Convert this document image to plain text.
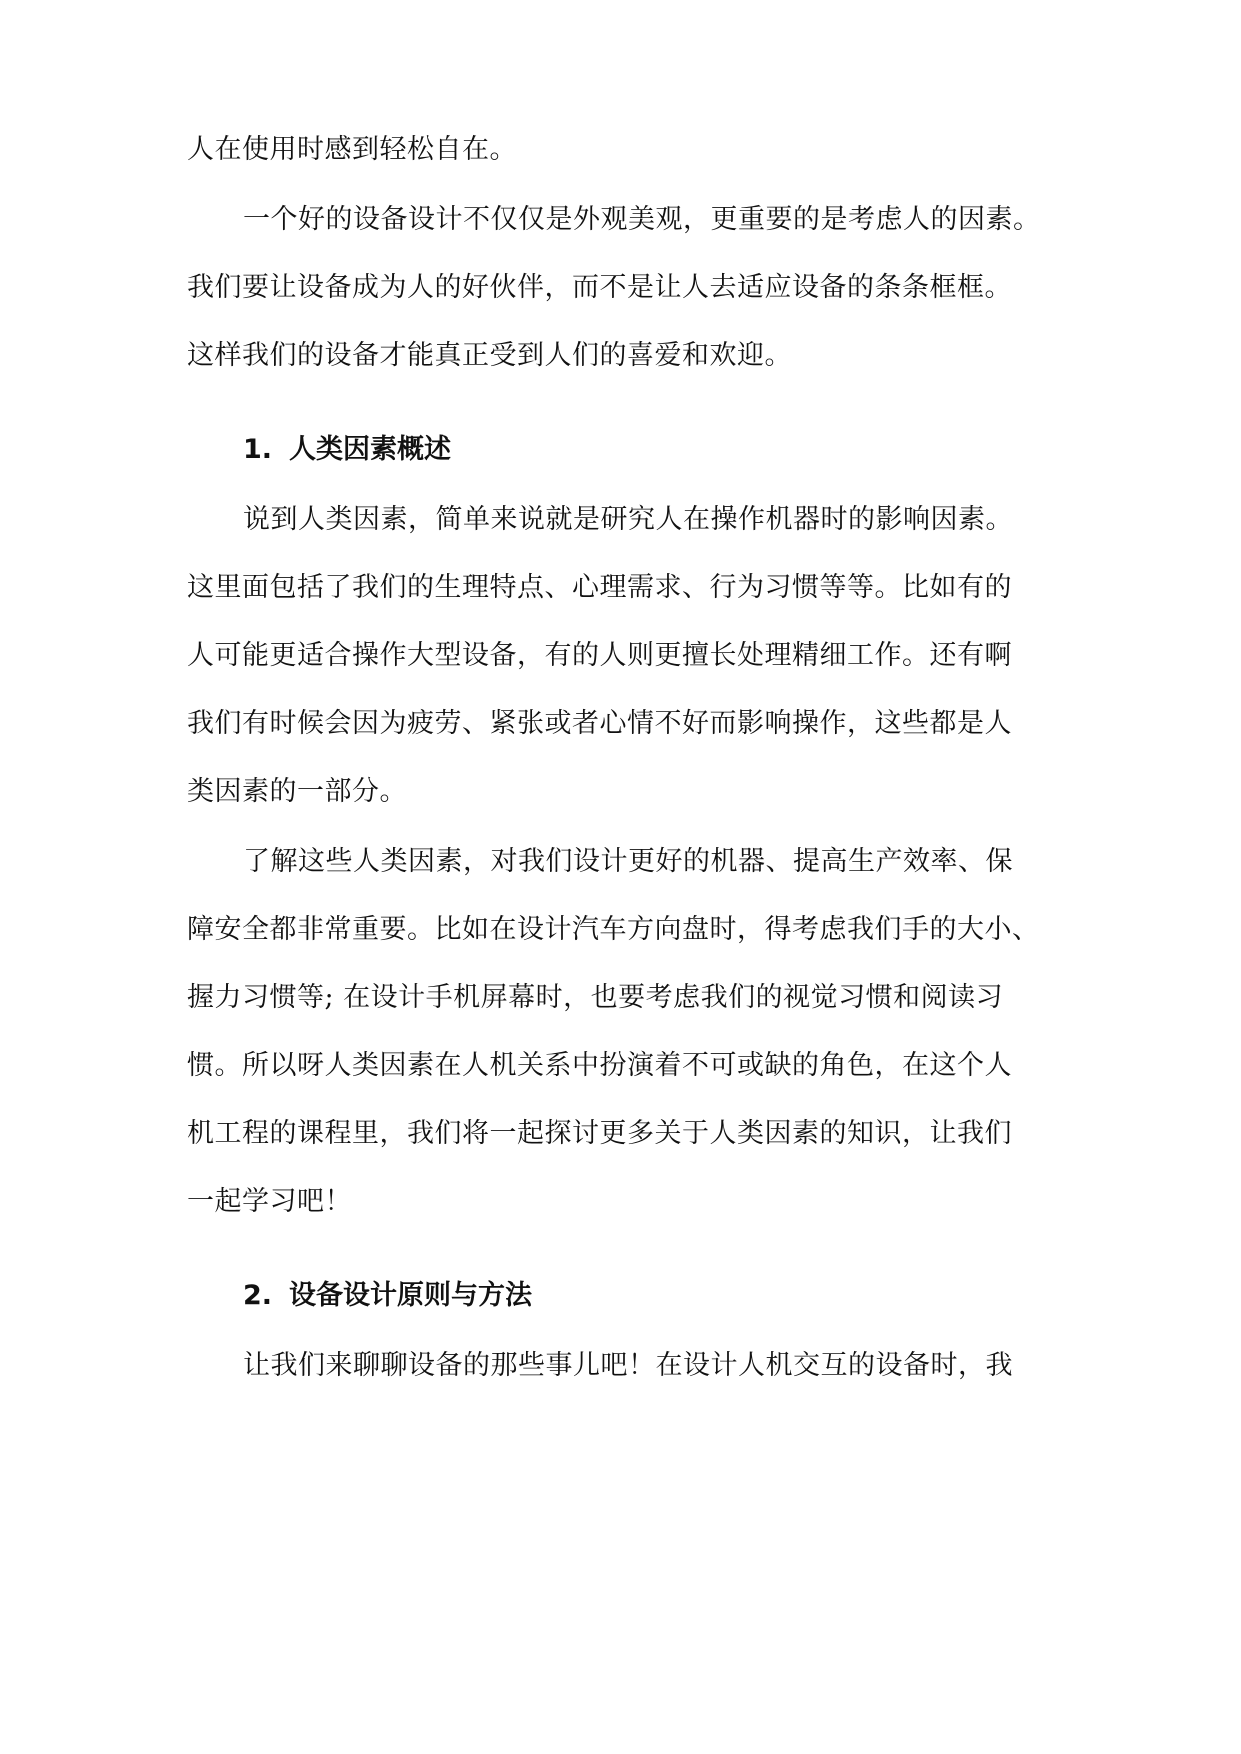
人在使用时感到轻松自在。
一个好的设备设计不仅仅是外观美观，更重要的是考虑人的因素。
我们要让设备成为人的好伙伴，而不是让人去适应设备的条条框框。
这样我们的设备才能真正受到人们的喜爱和欢迎。
1. 人类因素概述
说到人类因素，简单来说就是研究人在操作机器时的影响因素。
这里面包括了我们的生理特点、心理需求、行为习惯等等。比如有的
人可能更适合操作大型设备，有的人则更擅长处理精细工作。还有啊
我们有时候会因为疲劳、紧张或者心情不好而影响操作，这些都是人
类因素的一部分。
了解这些人类因素，对我们设计更好的机器、提高生产效率、保
障安全都非常重要。比如在设计汽车方向盘时，得考虑我们手的大小、
握力习惯等; 在设计手机屏幕时，也要考虑我们的视觉习惯和阅读习
惯。所以呀人类因素在人机关系中扮演着不可或缺的角色，在这个人
机工程的课程里，我们将一起探讨更多关于人类因素的知识，让我们
一起学习吧！
2. 设备设计原则与方法
让我们来聊聊设备的那些事儿吧！在设计人机交互的设备时，我
